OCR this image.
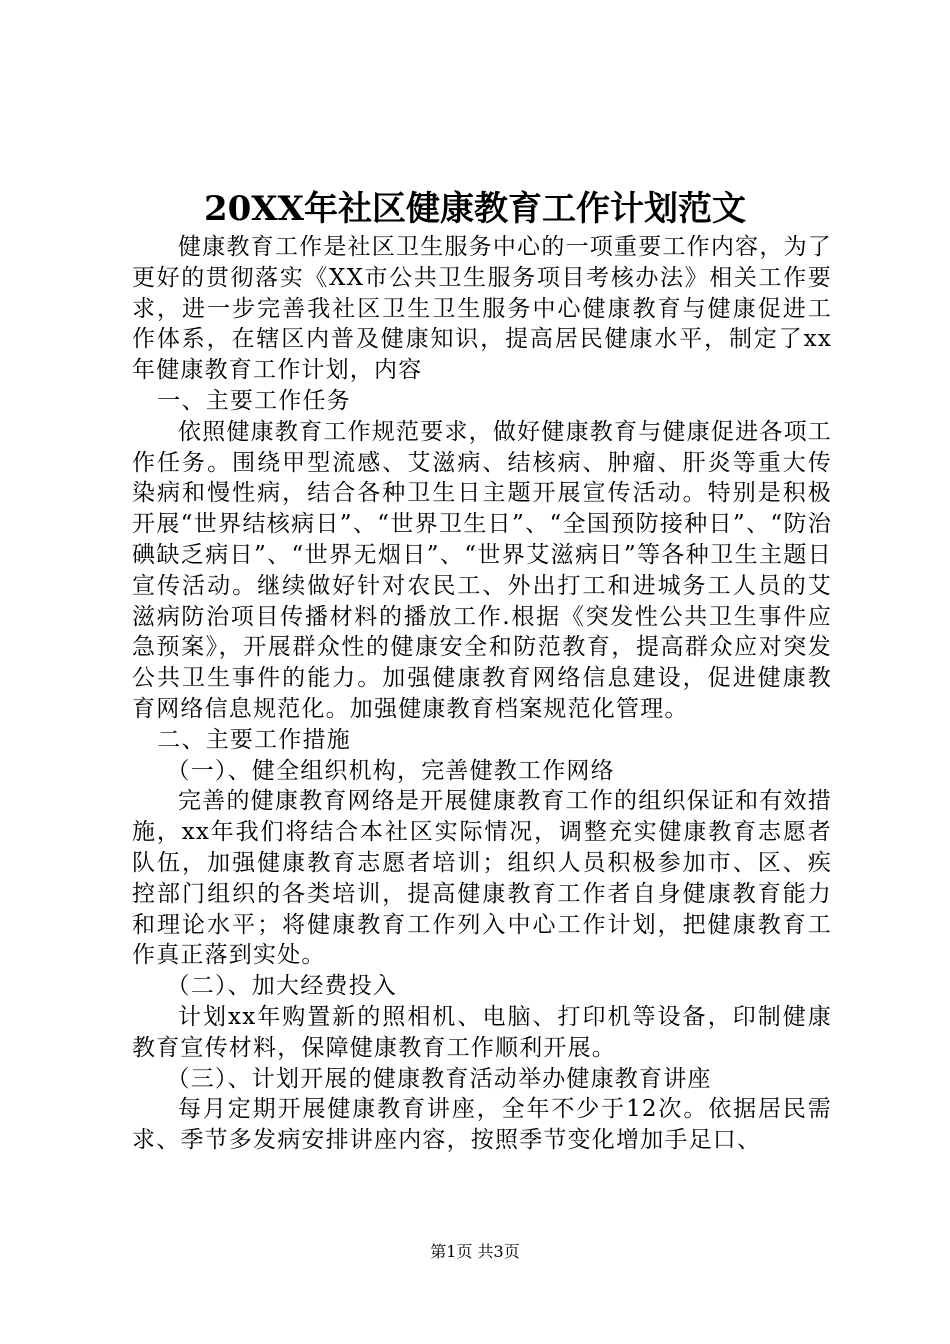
20XX年社区健康教育工作计划范文

健康教育工作是社区卫生服务中心的一项重要工作内容，为了更好的贯彻落实《XX市公共卫生服务项目考核办法》相关工作要求，进一步完善我社区卫生卫生服务中心健康教育与健康促进工作体系，在辖区内普及健康知识，提高居民健康水平，制定了xx年健康教育工作计划，内容

一、主要工作任务

依照健康教育工作规范要求，做好健康教育与健康促进各项工作任务。围绕甲型流感、艾滋病、结核病、肿瘤、肝炎等重大传染病和慢性病，结合各种卫生日主题开展宣传活动。特别是积极开展“世界结核病日”、“世界卫生日”、“全国预防接种日”、“防治碘缺乏病日”、“世界无烟日”、“世界艾滋病日”等各种卫生主题日宣传活动。继续做好针对农民工、外出打工和进城务工人员的艾滋病防治项目传播材料的播放工作.根据《突发性公共卫生事件应急预案》，开展群众性的健康安全和防范教育，提高群众应对突发公共卫生事件的能力。加强健康教育网络信息建设，促进健康教育网络信息规范化。加强健康教育档案规范化管理。

二、主要工作措施

（一）、健全组织机构，完善健教工作网络

完善的健康教育网络是开展健康教育工作的组织保证和有效措施，xx年我们将结合本社区实际情况，调整充实健康教育志愿者队伍，加强健康教育志愿者培训；组织人员积极参加市、区、疾控部门组织的各类培训，提高健康教育工作者自身健康教育能力和理论水平；将健康教育工作列入中心工作计划，把健康教育工作真正落到实处。

（二）、加大经费投入

计划xx年购置新的照相机、电脑、打印机等设备，印制健康教育宣传材料，保障健康教育工作顺利开展。

（三）、计划开展的健康教育活动举办健康教育讲座

每月定期开展健康教育讲座，全年不少于12次。依据居民需求、季节多发病安排讲座内容，按照季节变化增加手足口、

第1页 共3页
